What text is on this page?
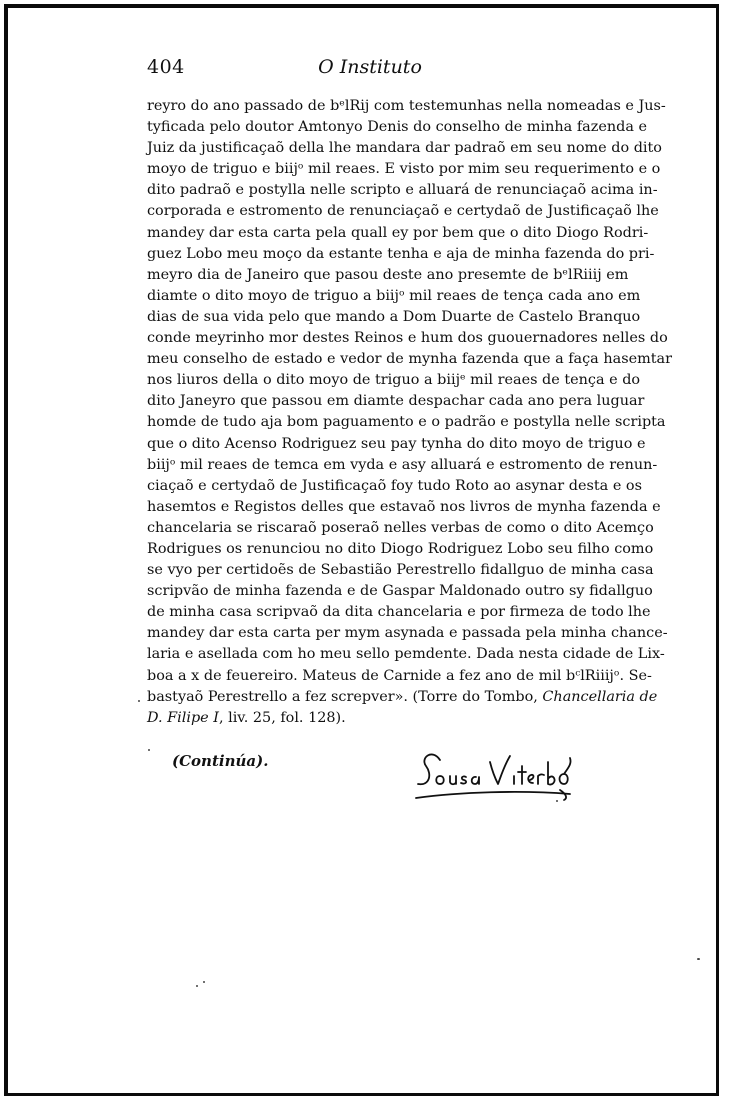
404	O Instituto
reyro do ano passado de bᵉlRij com testemunhas nella nomeadas e Jus-
tyficada pelo doutor Amtonyo Denis do conselho de minha fazenda e
Juiz da justificaçaõ della lhe mandara dar padraõ em seu nome do dito
moyo de triguo e biijᵒ mil reaes. E visto por mim seu requerimento e o
dito padraõ e postylla nelle scripto e alluará de renunciaçaõ acima in-
corporada e estromento de renunciaçaõ e certydaõ de Justificaçaõ lhe
mandey dar esta carta pela quall ey por bem que o dito Diogo Rodri-
guez Lobo meu moço da estante tenha e aja de minha fazenda do pri-
meyro dia de Janeiro que pasou deste ano presemte de bᵉlRiiij em
diamte o dito moyo de triguo a biijᵒ mil reaes de tença cada ano em
dias de sua vida pelo que mando a Dom Duarte de Castelo Branquo
conde meyrinho mor destes Reinos e hum dos guouernadores nelles do
meu conselho de estado e vedor de mynha fazenda que a faça hasemtar
nos liuros della o dito moyo de triguo a biijᵉ mil reaes de tença e do
dito Janeyro que passou em diamte despachar cada ano pera luguar
homde de tudo aja bom paguamento e o padrão e postylla nelle scripta
que o dito Acenso Rodriguez seu pay tynha do dito moyo de triguo e
biijᵒ mil reaes de temca em vyda e asy alluará e estromento de renun-
ciaçaõ e certydaõ de Justificaçaõ foy tudo Roto ao asynar desta e os
hasemtos e Registos delles que estavaõ nos livros de mynha fazenda e
chancelaria se riscaraõ poseraõ nelles verbas de como o dito Acemço
Rodrigues os renunciou no dito Diogo Rodriguez Lobo seu filho como
se vyo per certidoẽs de Sebastião Perestrello fidallguo de minha casa
scripvão de minha fazenda e de Gaspar Maldonado outro sy fidallguo
de minha casa scripvaõ da dita chancelaria e por firmeza de todo lhe
mandey dar esta carta per mym asynada e passada pela minha chance-
laria e asellada com ho meu sello pemdente. Dada nesta cidade de Lix-
boa a x de feuereiro. Mateus de Carnide a fez ano de mil bᶜlRiiijᵒ. Se-
bastyaõ Perestrello a fez screpver». (Torre do Tombo, Chancellaria de
D. Filipe I, liv. 25, fol. 128).
(Continúa).
